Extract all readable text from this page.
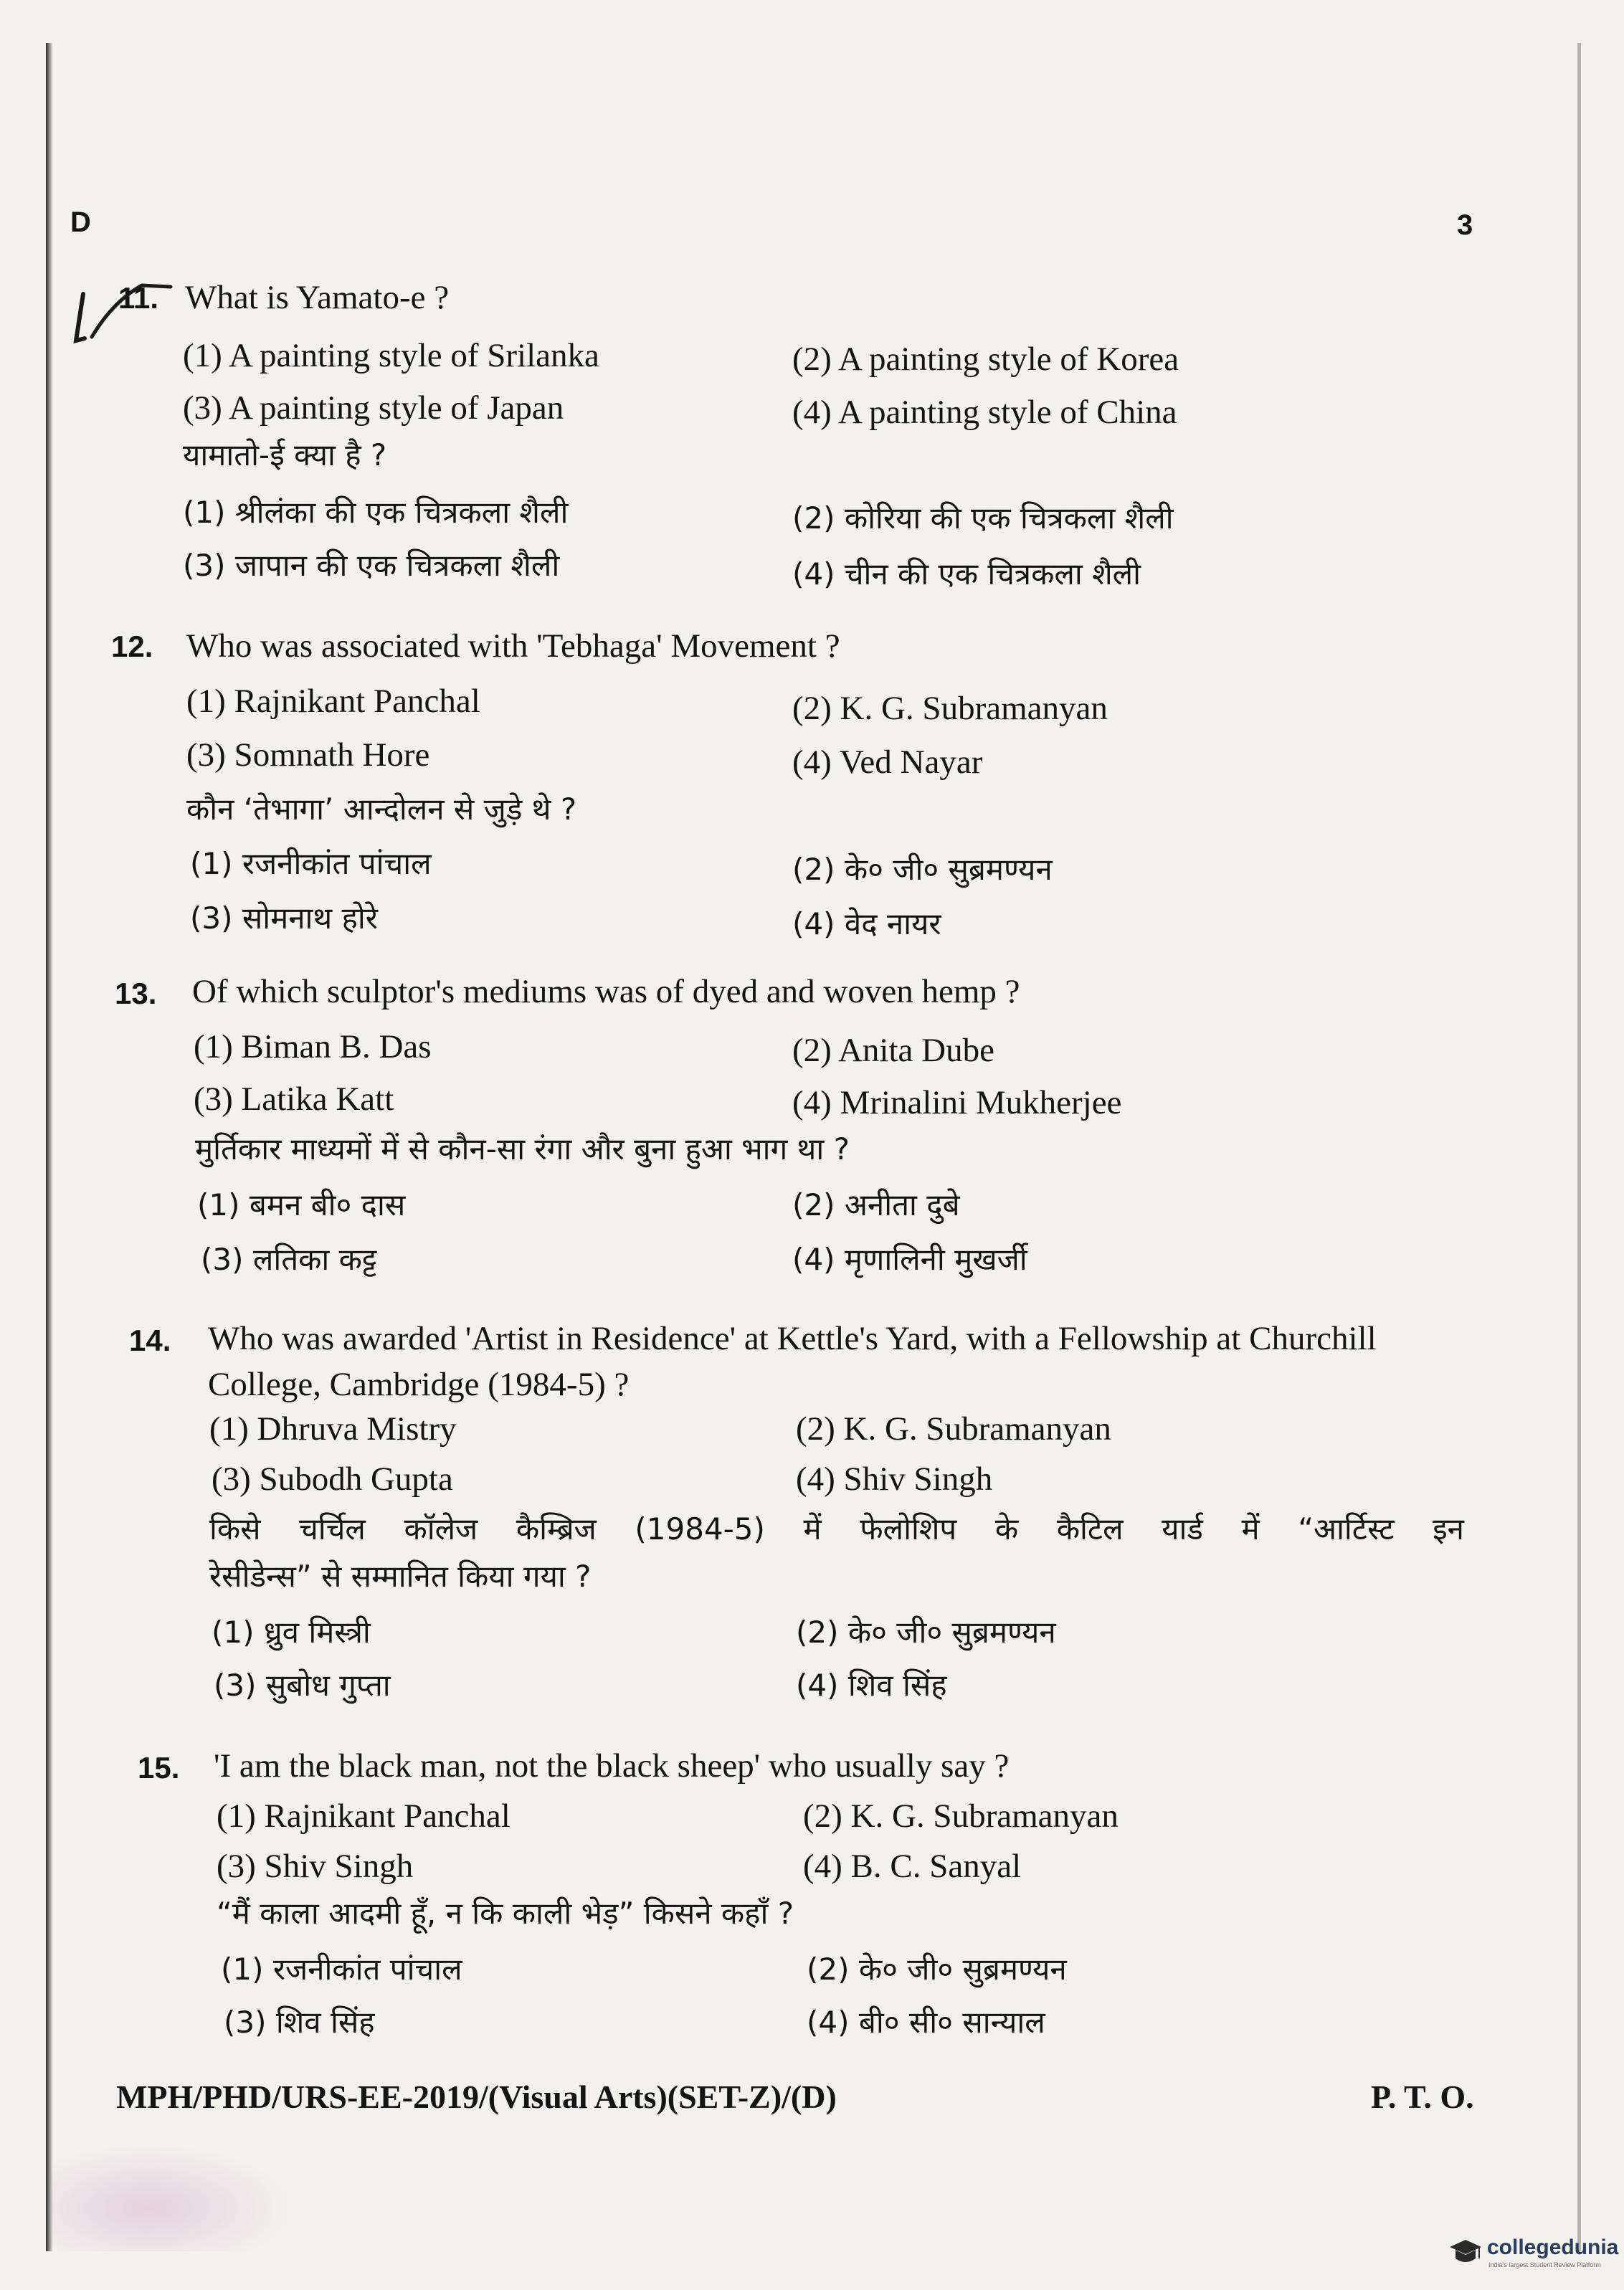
D	3
11. What is Yamato-e ?
(1) A painting style of Srilanka	(2) A painting style of Korea
(3) A painting style of Japan	(4) A painting style of China
यामातो-ई क्या है ?
(1) श्रीलंका की एक चित्रकला शैली	(2) कोरिया की एक चित्रकला शैली
(3) जापान की एक चित्रकला शैली	(4) चीन की एक चित्रकला शैली
12. Who was associated with 'Tebhaga' Movement ?
(1) Rajnikant Panchal	(2) K. G. Subramanyan
(3) Somnath Hore	(4) Ved Nayar
कौन ‘तेभागा’ आन्दोलन से जुड़े थे ?
(1) रजनीकांत पांचाल	(2) के० जी० सुब्रमण्यन
(3) सोमनाथ होरे	(4) वेद नायर
13. Of which sculptor's mediums was of dyed and woven hemp ?
(1) Biman B. Das	(2) Anita Dube
(3) Latika Katt	(4) Mrinalini Mukherjee
मुर्तिकार माध्यमों में से कौन-सा रंगा और बुना हुआ भाग था ?
(1) बमन बी० दास	(2) अनीता दुबे
(3) लतिका कट्ट	(4) मृणालिनी मुखर्जी
14. Who was awarded 'Artist in Residence' at Kettle's Yard, with a Fellowship at Churchill
College, Cambridge (1984-5) ?
(1) Dhruva Mistry	(2) K. G. Subramanyan
(3) Subodh Gupta	(4) Shiv Singh
किसे चर्चिल कॉलेज कैम्ब्रिज (1984-5) में फेलोशिप के कैटिल यार्ड में “आर्टिस्ट इन
रेसीडेन्स” से सम्मानित किया गया ?
(1) ध्रुव मिस्त्री	(2) के० जी० सुब्रमण्यन
(3) सुबोध गुप्ता	(4) शिव सिंह
15. 'I am the black man, not the black sheep' who usually say ?
(1) Rajnikant Panchal	(2) K. G. Subramanyan
(3) Shiv Singh	(4) B. C. Sanyal
“मैं काला आदमी हूँ, न कि काली भेड़” किसने कहाँ ?
(1) रजनीकांत पांचाल	(2) के० जी० सुब्रमण्यन
(3) शिव सिंह	(4) बी० सी० सान्याल
MPH/PHD/URS-EE-2019/(Visual Arts)(SET-Z)/(D)	P. T. O.
collegedunia
India's largest Student Review Platform
